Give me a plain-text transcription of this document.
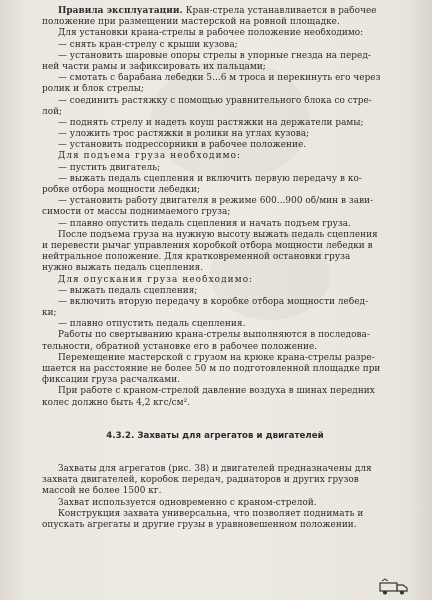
Правила эксплуатации. Кран-стрела устанавливается в рабочее
положение при размещении мастерской на ровной площадке.
Для установки крана-стрелы в рабочее положение необходимо:
— снять кран-стрелу с крыши кузова;
— установить шаровые опоры стрелы в упорные гнезда на перед-
ней части рамы и зафиксировать их пальцами;
— смотать с барабана лебедки 5...6 м троса и перекинуть его через
ролик и блок стрелы;
— соединить растяжку с помощью уравнительного блока со стре-
лой;
— поднять стрелу и надеть коуш растяжки на держатели рамы;
— уложить трос растяжки в ролики на углах кузова;
— установить подрессорники в рабочее положение.
Для подъема груза необходимо:
— пустить двигатель;
— выжать педаль сцепления и включить первую передачу в ко-
робке отбора мощности лебедки;
— установить работу двигателя в режиме 600...900 об/мин в зави-
симости от массы поднимаемого груза;
— плавно опустить педаль сцепления и начать подъем груза.
После подъема груза на нужную высоту выжать педаль сцепления
и перевести рычаг управления коробкой отбора мощности лебедки в
нейтральное положение. Для кратковременной остановки груза
нужно выжать педаль сцепления.
Для опускания груза необходимо:
— выжать педаль сцепления;
— включить вторую передачу в коробке отбора мощности лебед-
ки;
— плавно отпустить педаль сцепления.
Работы по свертыванию крана-стрелы выполняются в последова-
тельности, обратной установке его в рабочее положение.
Перемещение мастерской с грузом на крюке крана-стрелы разре-
шается на расстояние не более 50 м по подготовленной площадке при
фиксации груза расчалками.
При работе с краном-стрелой давление воздуха в шинах передних
колес должно быть 4,2 кгс/см².
4.3.2. Захваты для агрегатов и двигателей
Захваты для агрегатов (рис. 38) и двигателей предназначены для
захвата двигателей, коробок передач, радиаторов и других грузов
массой не более 1500 кг.
Захват используется одновременно с краном-стрелой.
Конструкция захвата универсальна, что позволяет поднимать и
опускать агрегаты и другие грузы в уравновешенном положении.
